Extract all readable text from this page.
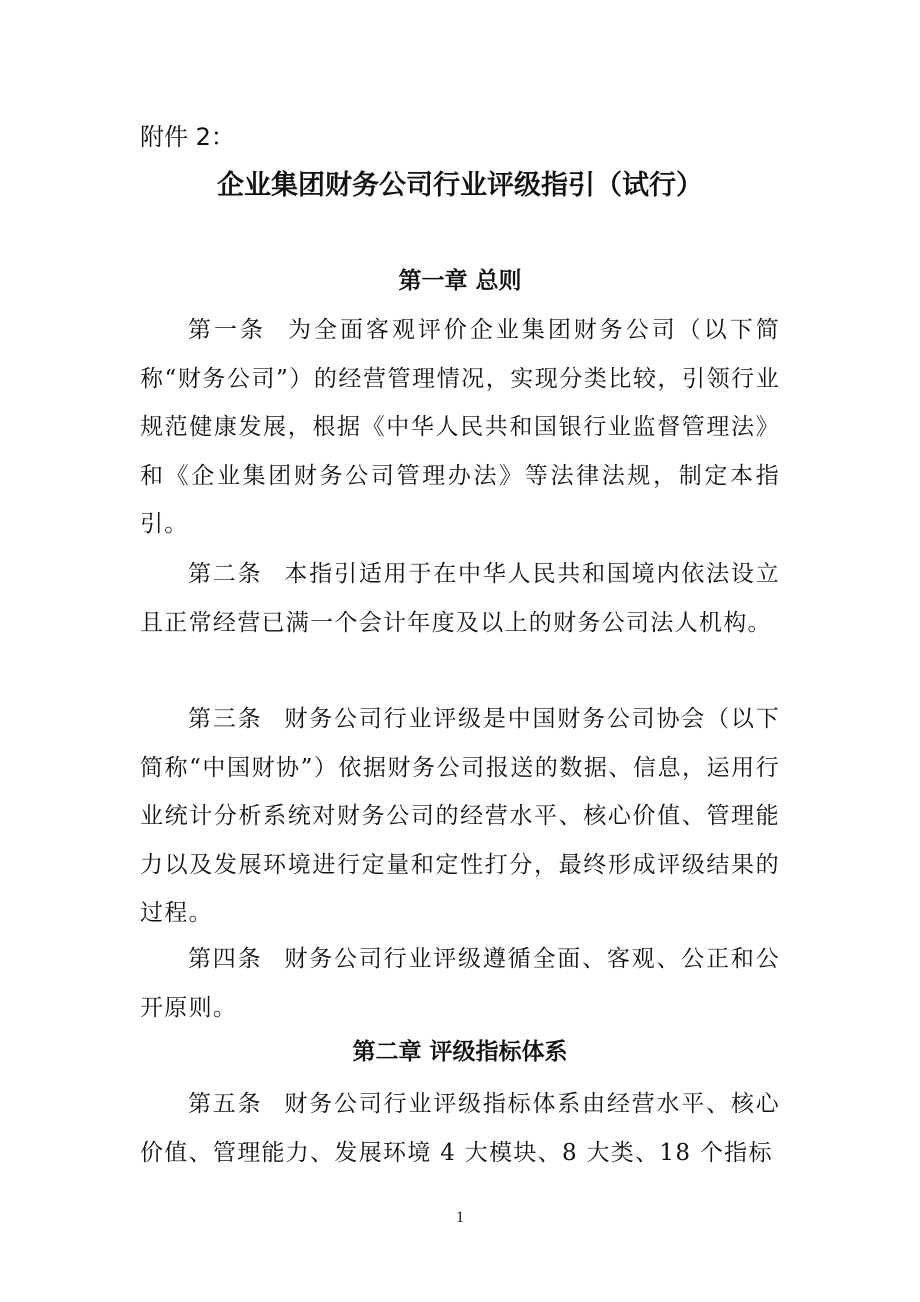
附件 2：
企业集团财务公司行业评级指引（试行）
第一章 总则

第一条 为全面客观评价企业集团财务公司（以下简称“财务公司”）的经营管理情况，实现分类比较，引领行业规范健康发展，根据《中华人民共和国银行业监督管理法》和《企业集团财务公司管理办法》等法律法规，制定本指引。

第二条 本指引适用于在中华人民共和国境内依法设立且正常经营已满一个会计年度及以上的财务公司法人机构。

第三条 财务公司行业评级是中国财务公司协会（以下简称“中国财协”）依据财务公司报送的数据、信息，运用行业统计分析系统对财务公司的经营水平、核心价值、管理能力以及发展环境进行定量和定性打分，最终形成评级结果的过程。

第四条 财务公司行业评级遵循全面、客观、公正和公开原则。

第二章 评级指标体系

第五条 财务公司行业评级指标体系由经营水平、核心价值、管理能力、发展环境 4 大模块、8 大类、18 个指标

1
